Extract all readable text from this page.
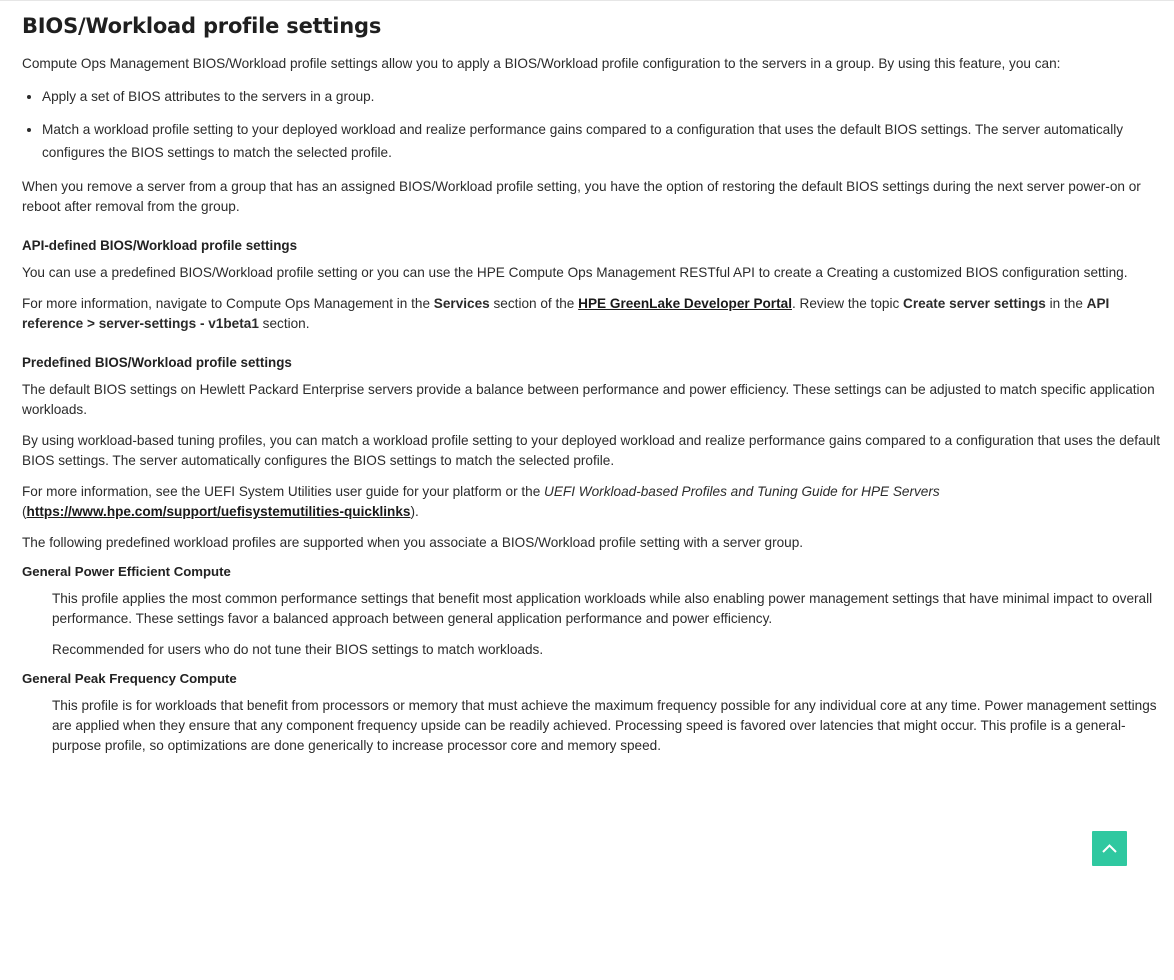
BIOS/Workload profile settings

Compute Ops Management BIOS/Workload profile settings allow you to apply a BIOS/Workload profile configuration to the servers in a group. By using this feature, you can:

• Apply a set of BIOS attributes to the servers in a group.
• Match a workload profile setting to your deployed workload and realize performance gains compared to a configuration that uses the default BIOS settings. The server automatically configures the BIOS settings to match the selected profile.

When you remove a server from a group that has an assigned BIOS/Workload profile setting, you have the option of restoring the default BIOS settings during the next server power-on or reboot after removal from the group.

API-defined BIOS/Workload profile settings

You can use a predefined BIOS/Workload profile setting or you can use the HPE Compute Ops Management RESTful API to create a Creating a customized BIOS configuration setting.

For more information, navigate to Compute Ops Management in the Services section of the HPE GreenLake Developer Portal. Review the topic Create server settings in the API reference > server-settings - v1beta1 section.

Predefined BIOS/Workload profile settings

The default BIOS settings on Hewlett Packard Enterprise servers provide a balance between performance and power efficiency. These settings can be adjusted to match specific application workloads.

By using workload-based tuning profiles, you can match a workload profile setting to your deployed workload and realize performance gains compared to a configuration that uses the default BIOS settings. The server automatically configures the BIOS settings to match the selected profile.

For more information, see the UEFI System Utilities user guide for your platform or the UEFI Workload-based Profiles and Tuning Guide for HPE Servers (https://www.hpe.com/support/uefisystemutilities-quicklinks).

The following predefined workload profiles are supported when you associate a BIOS/Workload profile setting with a server group.

General Power Efficient Compute

This profile applies the most common performance settings that benefit most application workloads while also enabling power management settings that have minimal impact to overall performance. These settings favor a balanced approach between general application performance and power efficiency.

Recommended for users who do not tune their BIOS settings to match workloads.

General Peak Frequency Compute

This profile is for workloads that benefit from processors or memory that must achieve the maximum frequency possible for any individual core at any time. Power management settings are applied when they ensure that any component frequency upside can be readily achieved. Processing speed is favored over latencies that might occur. This profile is a general-purpose profile, so optimizations are done generically to increase processor core and memory speed.
